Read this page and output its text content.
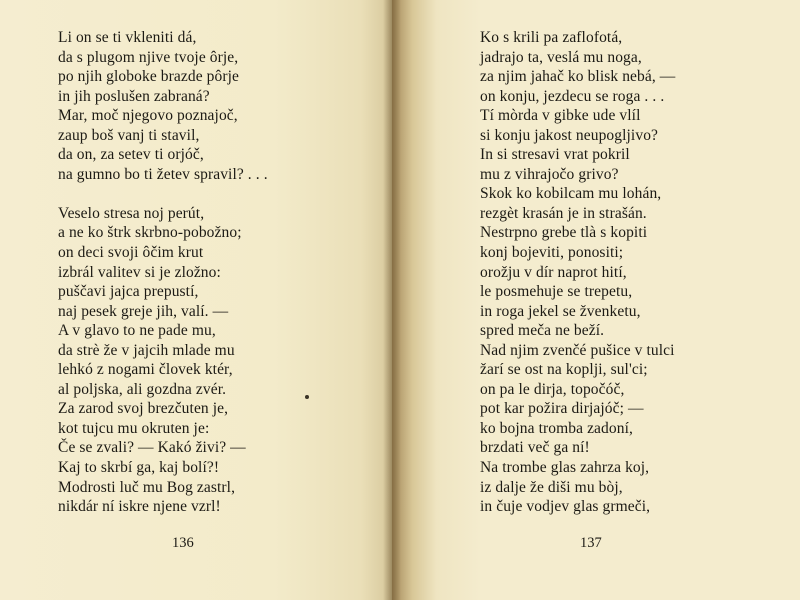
Li on se ti vkleniti dá,
da s plugom njive tvoje ôrje,
po njih globoke brazde pôrje
in jih poslušen zabraná?
Mar, moč njegovo poznajoč,
zaup boš vanj ti stavil,
da on, za setev ti orjóč,
na gumno bo ti žetev spravil? . . .
Veselo stresa noj perút,
a ne ko štrk skrbno-pobožno;
on deci svoji ôčim krut
izbrál valitev si je zložno:
puščavi jajca prepustí,
naj pesek greje jih, valí. —
A v glavo to ne pade mu,
da strè že v jajcih mlade mu
lehkó z nogami človek ktér,
al poljska, ali gozdna zvér.
Za zarod svoj brezčuten je,
kot tujcu mu okruten je:
Če se zvali? — Kakó živi? —
Kaj to skrbí ga, kaj bolí?!
Modrosti luč mu Bog zastrl,
nikdár ní iskre njene vzrl!
136
Ko s krili pa zaflofotá,
jadrajo ta, veslá mu noga,
za njim jahač ko blisk nebá, —
on konju, jezdecu se roga . . .
Tí mòrda v gibke ude vlíl
si konju jakost neupogljivo?
In si stresavi vrat pokril
mu z vihrajočo grivo?
Skok ko kobilcam mu lohán,
rezgèt krasán je in strašán.
Nestrpno grebe tlà s kopiti
konj bojeviti, ponositi;
orožju v dír naprot hití,
le posmehuje se trepetu,
in roga jekel se žvenketu,
spred meča ne beží.
Nad njim zvenčé pušice v tulci
žarí se ost na koplji, sul'ci;
on pa le dirja, topočóč,
pot kar požira dirjajóč; —
ko bojna tromba zadoní,
brzdati več ga ní!
Na trombe glas zahrza koj,
iz dalje že diši mu bòj,
in čuje vodjev glas grmeči,
137
